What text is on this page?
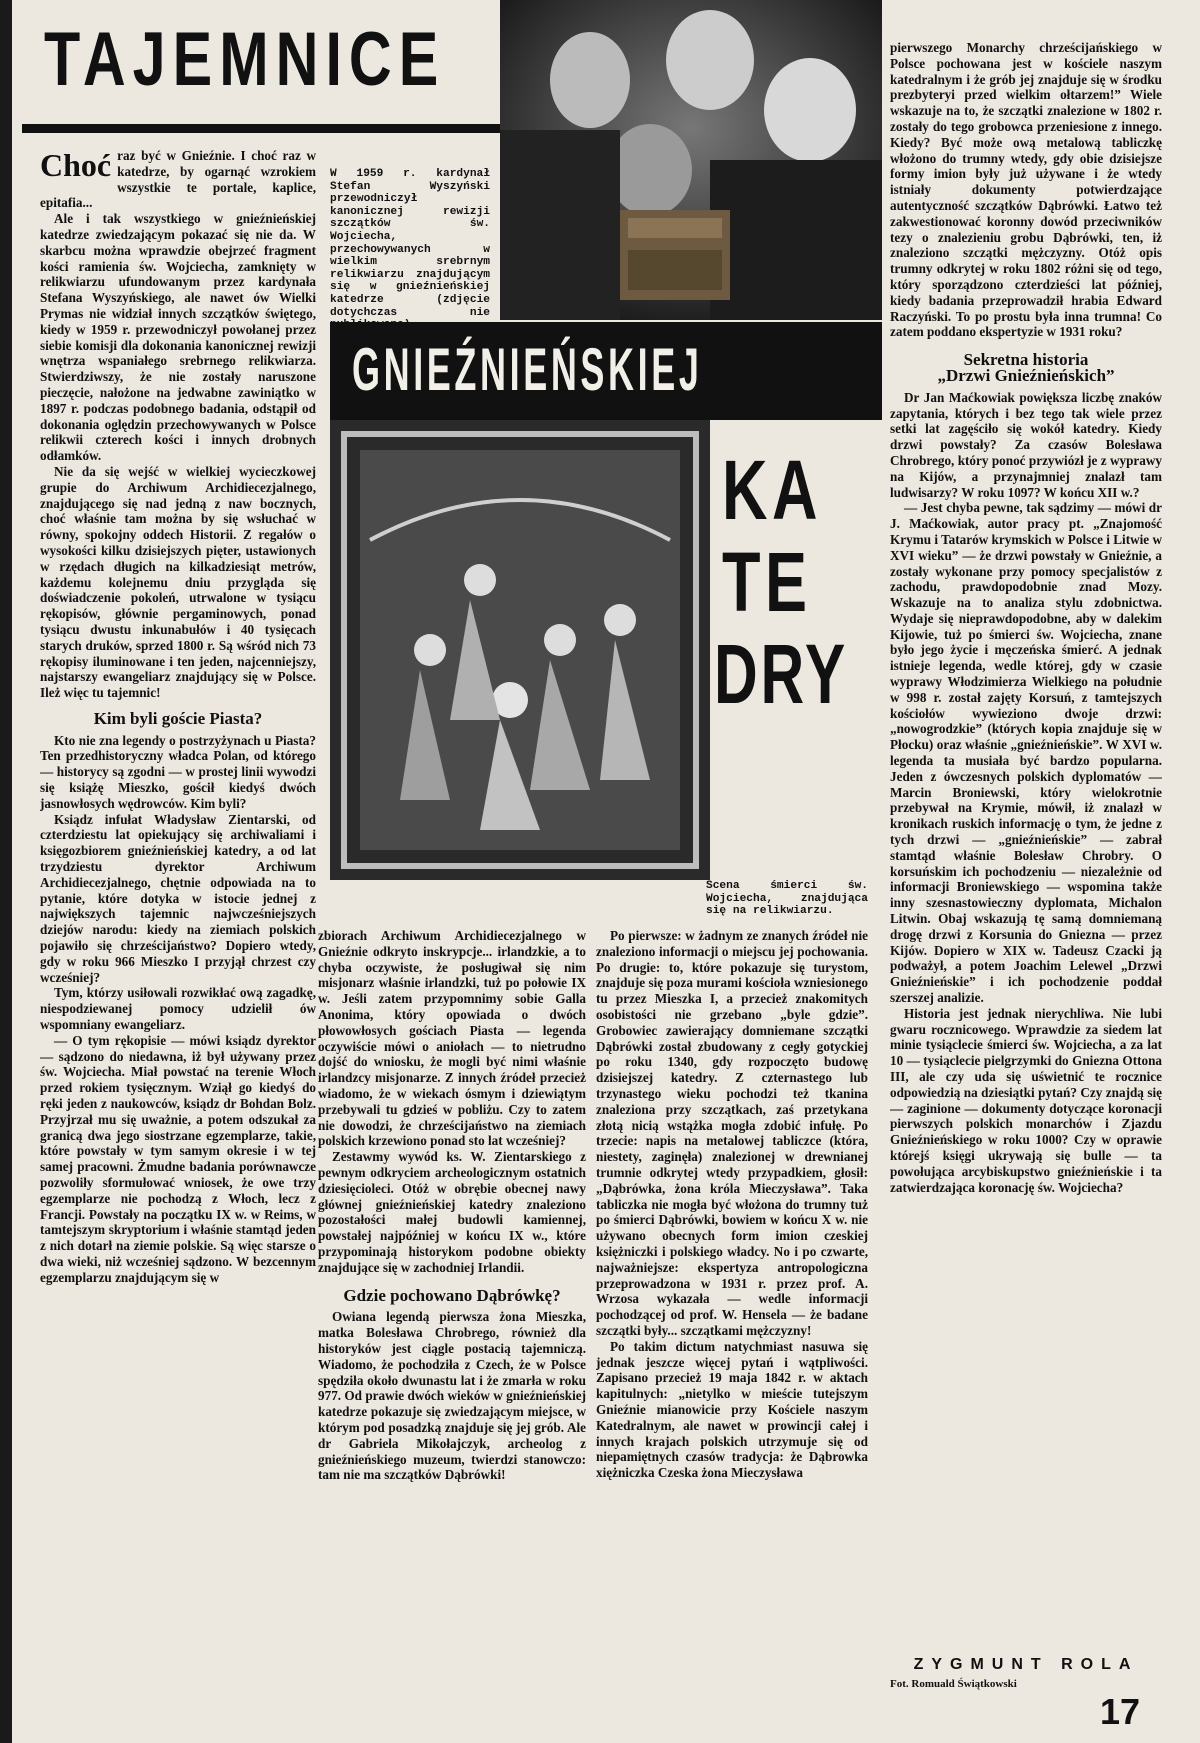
TAJEMNICE
W 1959 r. kardynał Stefan Wyszyński przewodniczył kanonicznej rewizji szczątków św. Wojciecha, przechowywanych w wielkim srebrnym relikwiarzu znajdującym się w gnieźnieńskiej katedrze (zdjęcie dotychczas nie
GNIEŹNIEŃSKIEJ
KA
TE
DRY
Scena śmierci św. Wojciecha, znajdująca się na relikwiarzu.

Choć raz być w Gnieźnie. I choć raz w katedrze, by ogarnąć wzrokiem wszystkie te portale, kaplice, epitafia...

Ale i tak wszystkiego w gnieźnieńskiej katedrze zwiedzającym pokazać się nie da. W skarbcu można wprawdzie obejrzeć fragment kości ramienia św. Wojciecha, zamknięty w relikwiarzu ufundowanym przez kardynała Stefana Wyszyńskiego, ale nawet ów Wielki Prymas nie widział innych szczątków świętego, kiedy w 1959 r. przewodniczył powołanej przez siebie komisji dla dokonania kanonicznej rewizji wnętrza wspaniałego srebrnego relikwiarza. Stwierdziwszy, że nie zostały naruszone pieczęcie, nałożone na jedwabne zawiniątko w 1897 r. podczas podobnego badania, odstąpił od dokonania oględzin przechowywanych w Polsce relikwii czterech kości i innych drobnych odłamków.

Nie da się wejść w wielkiej wycieczkowej grupie do Archiwum Archidiecezjalnego, znajdującego się nad jedną z naw bocznych, choć właśnie tam można by się wsłuchać w równy, spokojny oddech Historii. Z regałów o wysokości kilku dzisiejszych pięter, ustawionych w rzędach długich na kilkadziesiąt metrów, każdemu kolejnemu dniu przygląda się doświadczenie pokoleń, utrwalone w tysiącu rękopisów, głównie pergaminowych, ponad tysiącu dwustu inkunabułów i 40 tysięcach starych druków, sprzed 1800 r. Są wśród nich 73 rękopisy iluminowane i ten jeden, najcenniejszy, najstarszy ewangeliarz znajdujący się w Polsce. Ileż więc tu tajemnic!

Kim byli goście Piasta?

Kto nie zna legendy o postrzyżynach u Piasta? Ten przedhistoryczny władca Polan, od którego — historycy są zgodni — w prostej linii wywodzi się książę Mieszko, gościł kiedyś dwóch jasnowłosych wędrowców. Kim byli?

Ksiądz infułat Władysław Zientarski, od czterdziestu lat opiekujący się archiwaliami i księgozbiorem gnieźnieńskiej katedry, a od lat trzydziestu dyrektor Archiwum Archidiecezjalnego, chętnie odpowiada na to pytanie, które dotyka w istocie jednej z największych tajemnic najwcześniejszych dziejów narodu: kiedy na ziemiach polskich pojawiło się chrześcijaństwo? Dopiero wtedy, gdy w roku 966 Mieszko I przyjął chrzest czy wcześniej?

Tym, którzy usiłowali rozwikłać ową zagadkę, niespodziewanej pomocy udzielił ów wspomniany ewangeliarz.

— O tym rękopisie — mówi ksiądz dyrektor — sądzono do niedawna, iż był używany przez św. Wojciecha. Miał powstać na terenie Włoch przed rokiem tysięcznym. Wziął go kiedyś do ręki jeden z naukowców, ksiądz dr Bohdan Bolz. Przyjrzał mu się uważnie, a potem odszukał za granicą dwa jego siostrzane egzemplarze, takie, które powstały w tym samym okresie i w tej samej pracowni. Żmudne badania porównawcze pozwoliły sformułować wniosek, że owe trzy egzemplarze nie pochodzą z Włoch, lecz z Francji. Powstały na początku IX w. w Reims, w tamtejszym skryptorium i właśnie stamtąd jeden z nich dotarł na ziemie polskie. Są więc starsze o dwa wieki, niż wcześniej sądzono. W bezcennym egzemplarzu znajdującym się w

zbiorach Archiwum Archidiecezjalnego w Gnieźnie odkryto inskrypcje... irlandzkie, a to chyba oczywiste, że posługiwał się nim misjonarz właśnie irlandzki, tuż po połowie IX w. Jeśli zatem przypomnimy sobie Galla Anonima, który opowiada o dwóch płowowłosych gościach Piasta — legenda oczywiście mówi o aniołach — to nietrudno dojść do wniosku, że mogli być nimi właśnie irlandzcy misjonarze. Z innych źródeł przecież wiadomo, że w wiekach ósmym i dziewiątym przebywali tu gdzieś w pobliżu. Czy to zatem nie dowodzi, że chrześcijaństwo na ziemiach polskich krzewiono ponad sto lat wcześniej?

Zestawmy wywód ks. W. Zientarskiego z pewnym odkryciem archeologicznym ostatnich dziesięcioleci. Otóż w obrębie obecnej nawy głównej gnieźnieńskiej katedry znaleziono pozostałości małej budowli kamiennej, powstałej najpóźniej w końcu IX w., które przypominają historykom podobne obiekty znajdujące się w zachodniej Irlandii.

Gdzie pochowano Dąbrówkę?

Owiana legendą pierwsza żona Mieszka, matka Bolesława Chrobrego, również dla historyków jest ciągle postacią tajemniczą. Wiadomo, że pochodziła z Czech, że w Polsce spędziła około dwunastu lat i że zmarła w roku 977. Od prawie dwóch wieków w gnieźnieńskiej katedrze pokazuje się zwiedzającym miejsce, w którym pod posadzką znajduje się jej grób. Ale dr Gabriela Mikołajczyk, archeolog z gnieźnieńskiego muzeum, twierdzi stanowczo: tam nie ma szczątków Dąbrówki!

Po pierwsze: w żadnym ze znanych źródeł nie znaleziono informacji o miejscu jej pochowania. Po drugie: to, które pokazuje się turystom, znajduje się poza murami kościoła wzniesionego tu przez Mieszka I, a przecież znakomitych osobistości nie grzebano „byle gdzie”. Grobowiec zawierający domniemane szczątki Dąbrówki został zbudowany z cegły gotyckiej po roku 1340, gdy rozpoczęto budowę dzisiejszej katedry. Z czternastego lub trzynastego wieku pochodzi też tkanina znaleziona przy szczątkach, zaś przetykana złotą nicią wstążka mogła zdobić infułę. Po trzecie: napis na metalowej tabliczce (która, niestety, zaginęła) znalezionej w drewnianej trumnie odkrytej wtedy przypadkiem, głosił: „Dąbrówka, żona króla Mieczysława”. Taka tabliczka nie mogła być włożona do trumny tuż po śmierci Dąbrówki, bowiem w końcu X w. nie używano obecnych form imion czeskiej księżniczki i polskiego władcy. No i po czwarte, najważniejsze: ekspertyza antropologiczna przeprowadzona w 1931 r. przez prof. A. Wrzosa wykazała — wedle informacji pochodzącej od prof. W. Hensela — że badane szczątki były... szczątkami mężczyzny!

Po takim dictum natychmiast nasuwa się jednak jeszcze więcej pytań i wątpliwości. Zapisano przecież 19 maja 1842 r. w aktach kapitulnych: „nietylko w mieście tutejszym Gnieźnie mianowicie przy Kościele naszym Katedralnym, ale nawet w prowincji całej i innych krajach polskich utrzymuje się od niepamiętnych czasów tradycja: że Dąbrowka xiężniczka Czeska żona Mieczysława

pierwszego Monarchy chrześcijańskiego w Polsce pochowana jest w kościele naszym katedralnym i że grób jej znajduje się w środku prezbyteryi przed wielkim ołtarzem!” Wiele wskazuje na to, że szczątki znalezione w 1802 r. zostały do tego grobowca przeniesione z innego. Kiedy? Być może ową metalową tabliczkę włożono do trumny wtedy, gdy obie dzisiejsze formy imion były już używane i że wtedy istniały dokumenty potwierdzające autentyczność szczątków Dąbrówki. Łatwo też zakwestionować koronny dowód przeciwników tezy o znalezieniu grobu Dąbrówki, ten, iż znaleziono szczątki mężczyzny. Otóż opis trumny odkrytej w roku 1802 różni się od tego, który sporządzono czterdzieści lat później, kiedy badania przeprowadził hrabia Edward Raczyński. To po prostu była inna trumna! Co zatem poddano ekspertyzie w 1931 roku?

Sekretna historia
„Drzwi Gnieźnieńskich”

Dr Jan Maćkowiak powiększa liczbę znaków zapytania, których i bez tego tak wiele przez setki lat zagęściło się wokół katedry. Kiedy drzwi powstały? Za czasów Bolesława Chrobrego, który ponoć przywiózł je z wyprawy na Kijów, a przynajmniej znalazł tam ludwisarzy? W roku 1097? W końcu XII w.?

— Jest chyba pewne, tak sądzimy — mówi dr J. Maćkowiak, autor pracy pt. „Znajomość Krymu i Tatarów krymskich w Polsce i Litwie w XVI wieku” — że drzwi powstały w Gnieźnie, a zostały wykonane przy pomocy specjalistów z zachodu, prawdopodobnie znad Mozy. Wskazuje na to analiza stylu zdobnictwa. Wydaje się nieprawdopodobne, aby w dalekim Kijowie, tuż po śmierci św. Wojciecha, znane było jego życie i męczeńska śmierć. A jednak istnieje legenda, wedle której, gdy w czasie wyprawy Włodzimierza Wielkiego na południe w 998 r. został zajęty Korsuń, z tamtejszych kościołów wywieziono dwoje drzwi: „nowogrodzkie” (których kopia znajduje się w Płocku) oraz właśnie „gnieźnieńskie”. W XVI w. legenda ta musiała być bardzo popularna. Jeden z ówczesnych polskich dyplomatów — Marcin Broniewski, który wielokrotnie przebywał na Krymie, mówił, iż znalazł w kronikach ruskich informację o tym, że jedne z tych drzwi — „gnieźnieńskie” — zabrał stamtąd właśnie Bolesław Chrobry. O korsuńskim ich pochodzeniu — niezależnie od informacji Broniewskiego — wspomina także inny szesnastowieczny dyplomata, Michalon Litwin. Obaj wskazują tę samą domniemaną drogę drzwi z Korsunia do Gniezna — przez Kijów. Dopiero w XIX w. Tadeusz Czacki ją podważył, a potem Joachim Lelewel „Drzwi Gnieźnieńskie” i ich pochodzenie poddał szerszej analizie.

Historia jest jednak nierychliwa. Nie lubi gwaru rocznicowego. Wprawdzie za siedem lat minie tysiąclecie śmierci św. Wojciecha, a za lat 10 — tysiąclecie pielgrzymki do Gniezna Ottona III, ale czy uda się uświetnić te rocznice odpowiedzią na dziesiątki pytań? Czy znajdą się — zaginione — dokumenty dotyczące koronacji pierwszych polskich monarchów i Zjazdu Gnieźnieńskiego w roku 1000? Czy w oprawie którejś księgi ukrywają się bulle — ta powołująca arcybiskupstwo gnieźnieńskie i ta zatwierdzająca koronację św. Wojciecha?

ZYGMUNT ROLA
Fot. Romuald Świątkowski
17
